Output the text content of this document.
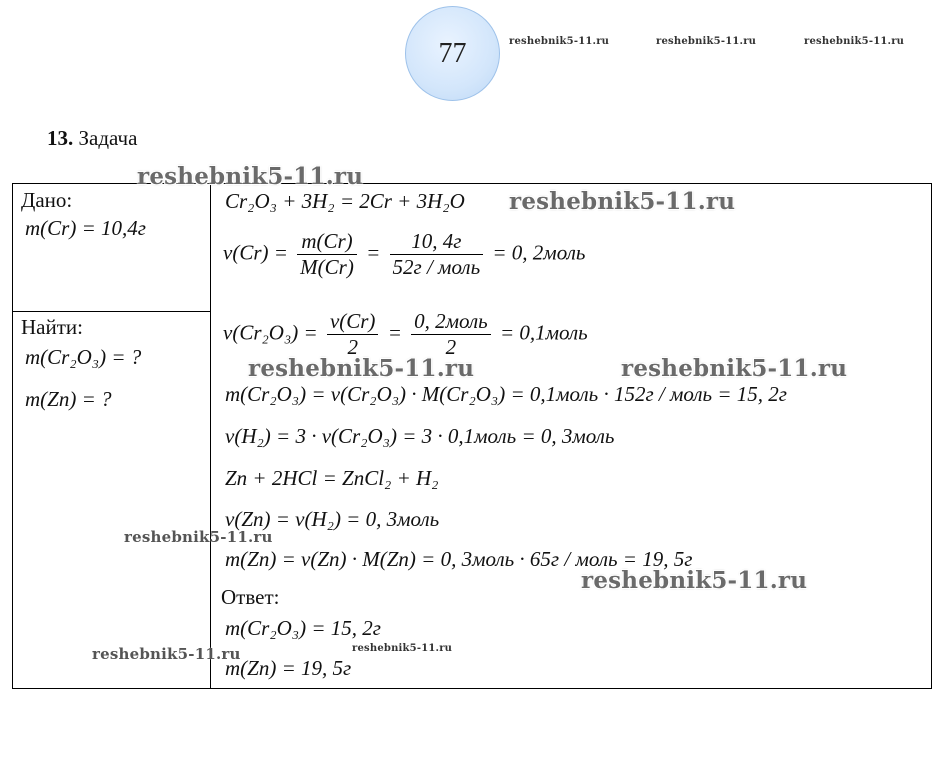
77
13. Задача
Дано:
m(Cr) = 10,4г
Найти:
m(Cr₂O₃) = ?
m(Zn) = ?
Cr₂O₃ + 3H₂ = 2Cr + 3H₂O
$\nu(Cr) = \frac{m(Cr)}{M(Cr)} = \frac{10, 4г}{\text{52г / моль}} = 0$, 2моль
$\nu(Cr_2O_3) = \frac{\nu(Cr)}{2} = \frac{\text{0, 2моль}}{2}$ = 0,1моль
m(Cr₂O₃) = ν(Cr₂O₃) · M(Cr₂O₃) = 0,1моль · 152г / моль = 15, 2г
ν(H₂) = 3 · ν(Cr₂O₃) = 3 · 0,1моль = 0, 3моль
Zn + 2HCl = ZnCl₂ + H₂
ν(Zn) = ν(H₂) = 0, 3моль
m(Zn) = ν(Zn) · M(Zn) = 0, 3моль · 65г / моль = 19, 5г
Ответ:
m(Cr₂O₃) = 15, 2г
m(Zn) = 19, 5г
reshebnik5-11.ru	reshebnik5-11.ru	reshebnik5-11.ru
reshebnik5-11.ru
reshebnik5-11.ru
reshebnik5-11.ru	reshebnik5-11.ru
reshebnik5-11.ru
reshebnik5-11.ru
reshebnik5-11.ru	reshebnik5-11.ru
